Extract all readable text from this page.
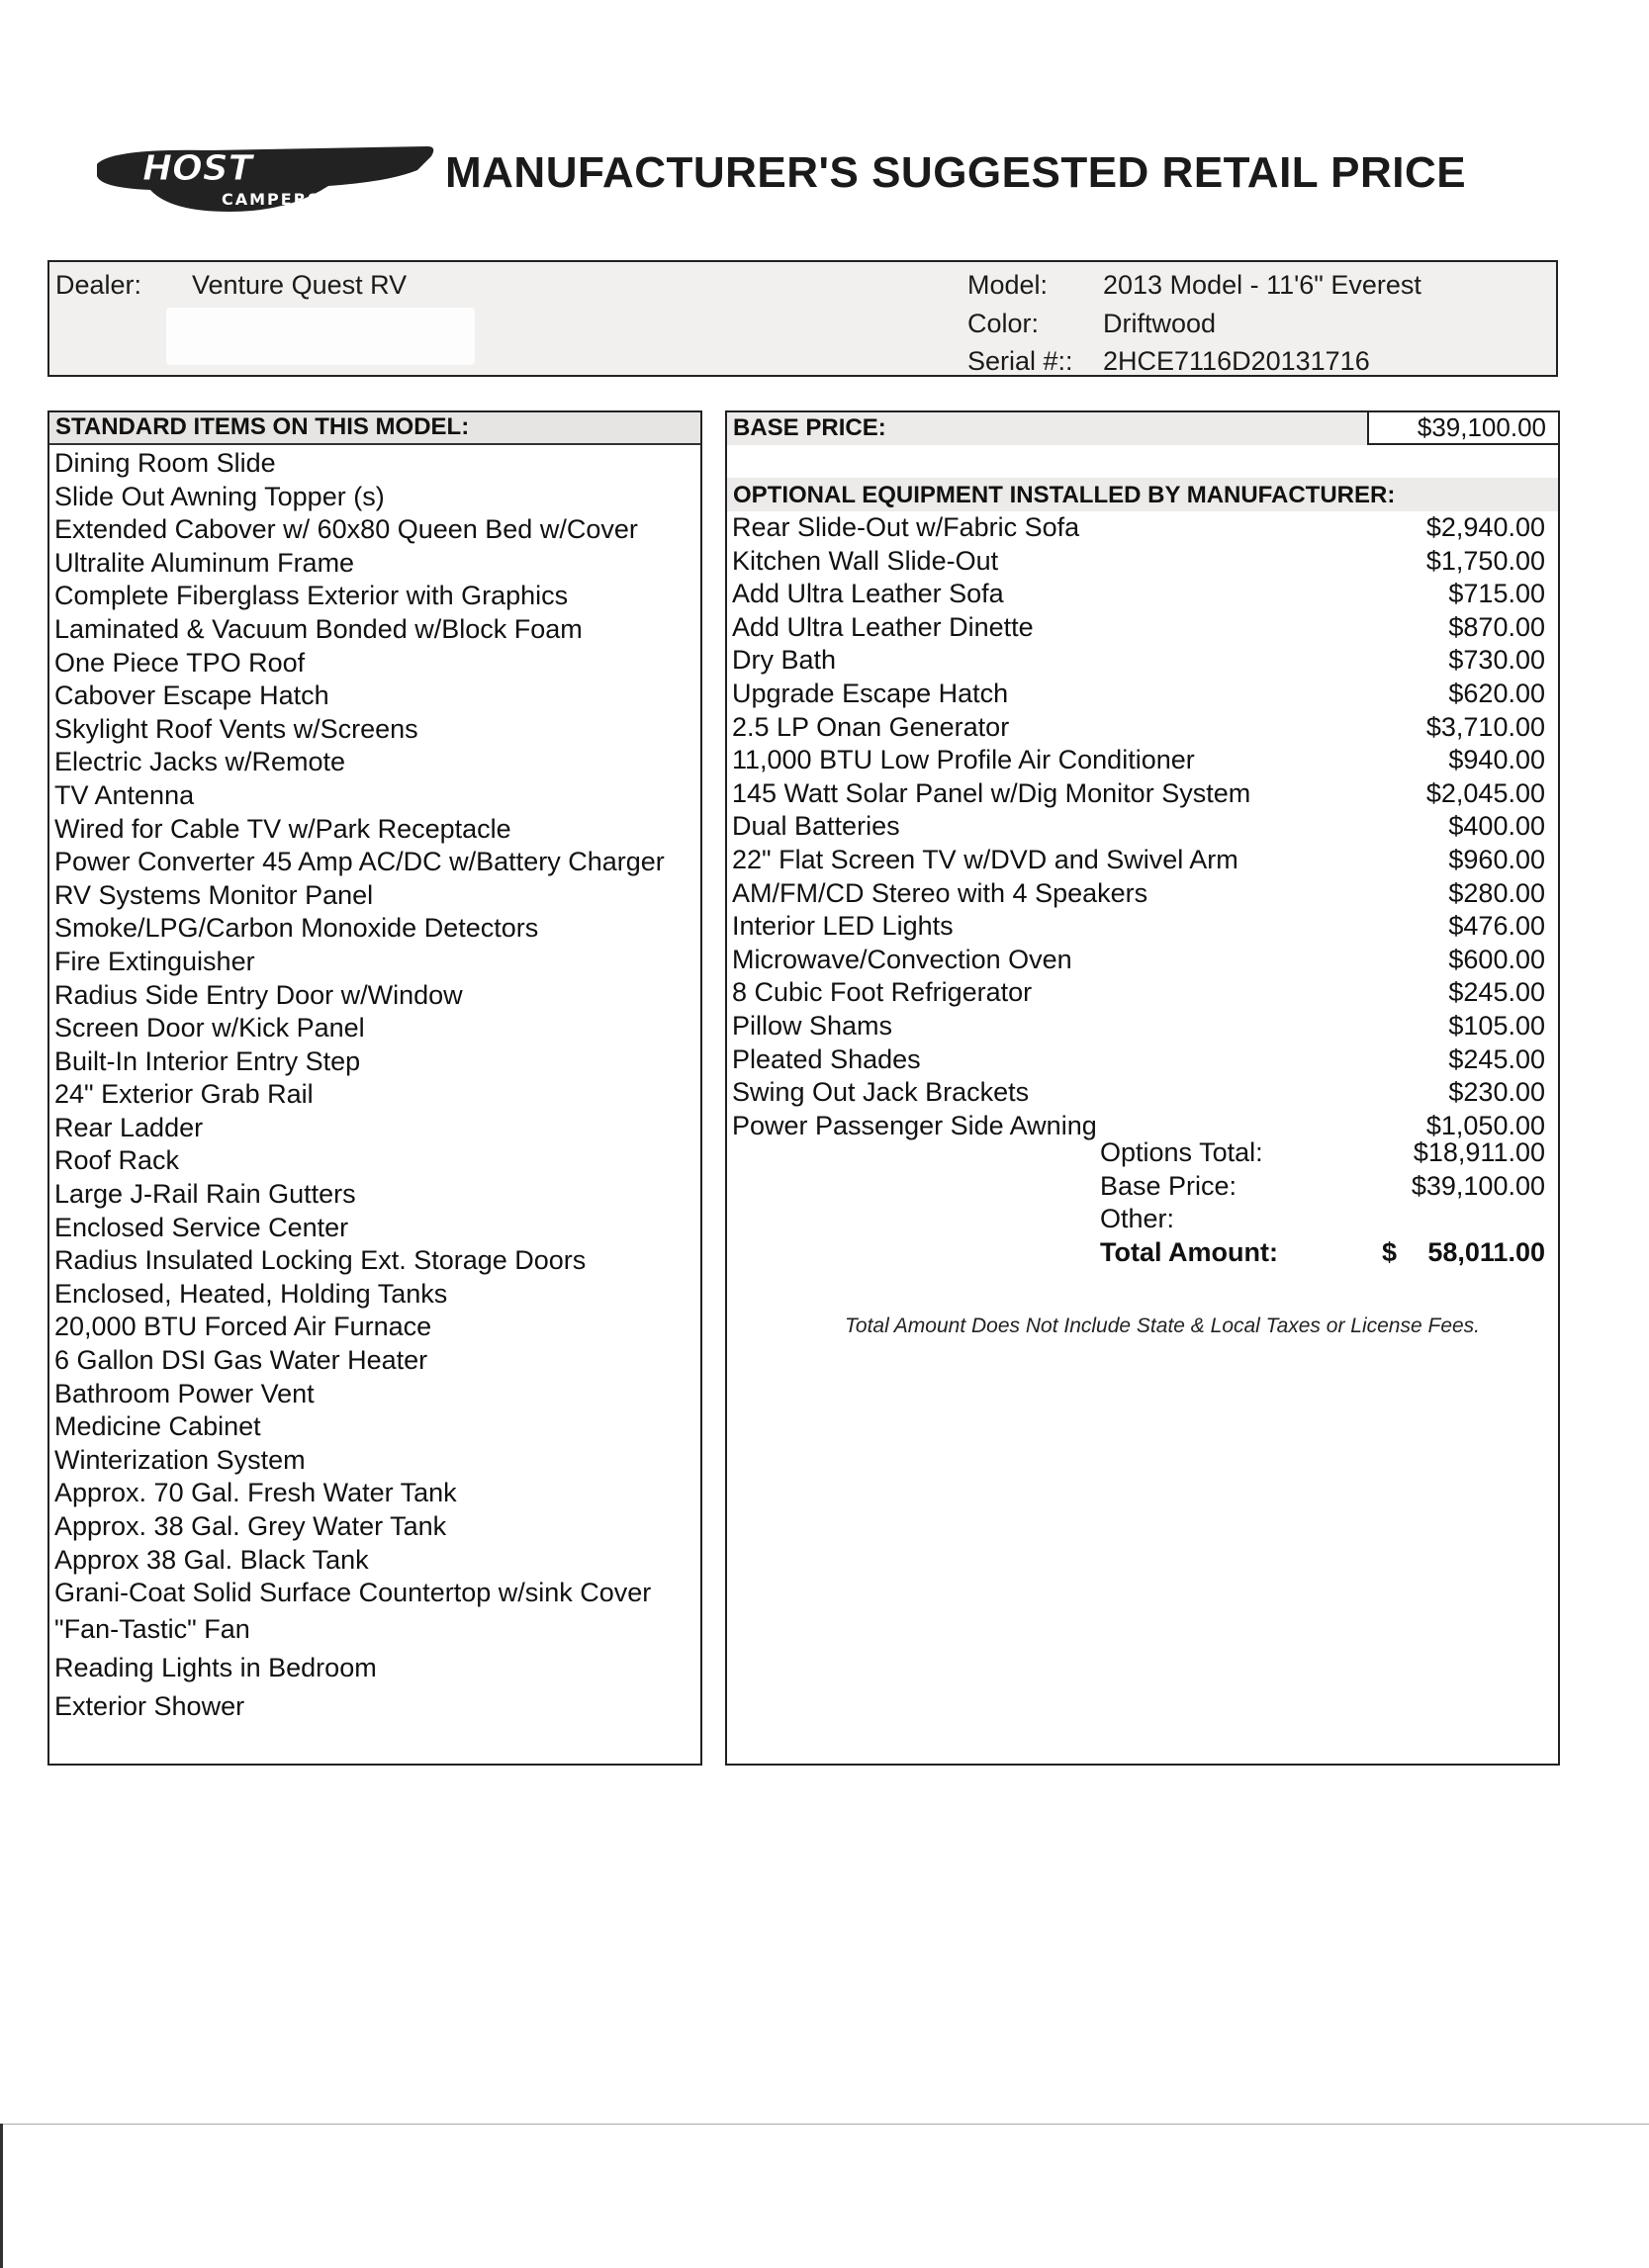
HOST
CAMPERS
MANUFACTURER'S SUGGESTED RETAIL PRICE
Dealer: Venture Quest RV	Model: 2013 Model - 11'6" Everest
Color: Driftwood
Serial #:: 2HCE7116D20131716
STANDARD ITEMS ON THIS MODEL:
Dining Room Slide
Slide Out Awning Topper (s)
Extended Cabover w/ 60x80 Queen Bed w/Cover
Ultralite Aluminum Frame
Complete Fiberglass Exterior with Graphics
Laminated & Vacuum Bonded w/Block Foam
One Piece TPO Roof
Cabover Escape Hatch
Skylight Roof Vents w/Screens
Electric Jacks w/Remote
TV Antenna
Wired for Cable TV w/Park Receptacle
Power Converter 45 Amp AC/DC w/Battery Charger
RV Systems Monitor Panel
Smoke/LPG/Carbon Monoxide Detectors
Fire Extinguisher
Radius Side Entry Door w/Window
Screen Door w/Kick Panel
Built-In Interior Entry Step
24" Exterior Grab Rail
Rear Ladder
Roof Rack
Large J-Rail Rain Gutters
Enclosed Service Center
Radius Insulated Locking Ext. Storage Doors
Enclosed, Heated, Holding Tanks
20,000 BTU Forced Air Furnace
6 Gallon DSI Gas Water Heater
Bathroom Power Vent
Medicine Cabinet
Winterization System
Approx. 70 Gal. Fresh Water Tank
Approx. 38 Gal. Grey Water Tank
Approx 38 Gal. Black Tank
Grani-Coat Solid Surface Countertop w/sink Cover
"Fan-Tastic" Fan
Reading Lights in Bedroom
Exterior Shower
BASE PRICE:	$39,100.00
OPTIONAL EQUIPMENT INSTALLED BY MANUFACTURER:
Rear Slide-Out w/Fabric Sofa	$2,940.00
Kitchen Wall Slide-Out	$1,750.00
Add Ultra Leather Sofa	$715.00
Add Ultra Leather Dinette	$870.00
Dry Bath	$730.00
Upgrade Escape Hatch	$620.00
2.5 LP Onan Generator	$3,710.00
11,000 BTU Low Profile Air Conditioner	$940.00
145 Watt Solar Panel w/Dig Monitor System	$2,045.00
Dual Batteries	$400.00
22" Flat Screen TV w/DVD and Swivel Arm	$960.00
AM/FM/CD Stereo with 4 Speakers	$280.00
Interior LED Lights	$476.00
Microwave/Convection Oven	$600.00
8 Cubic Foot Refrigerator	$245.00
Pillow Shams	$105.00
Pleated Shades	$245.00
Swing Out Jack Brackets	$230.00
Power Passenger Side Awning	$1,050.00
Options Total:	$18,911.00
Base Price:	$39,100.00
Other:
Total Amount:	$ 58,011.00
Total Amount Does Not Include State & Local Taxes or License Fees.
